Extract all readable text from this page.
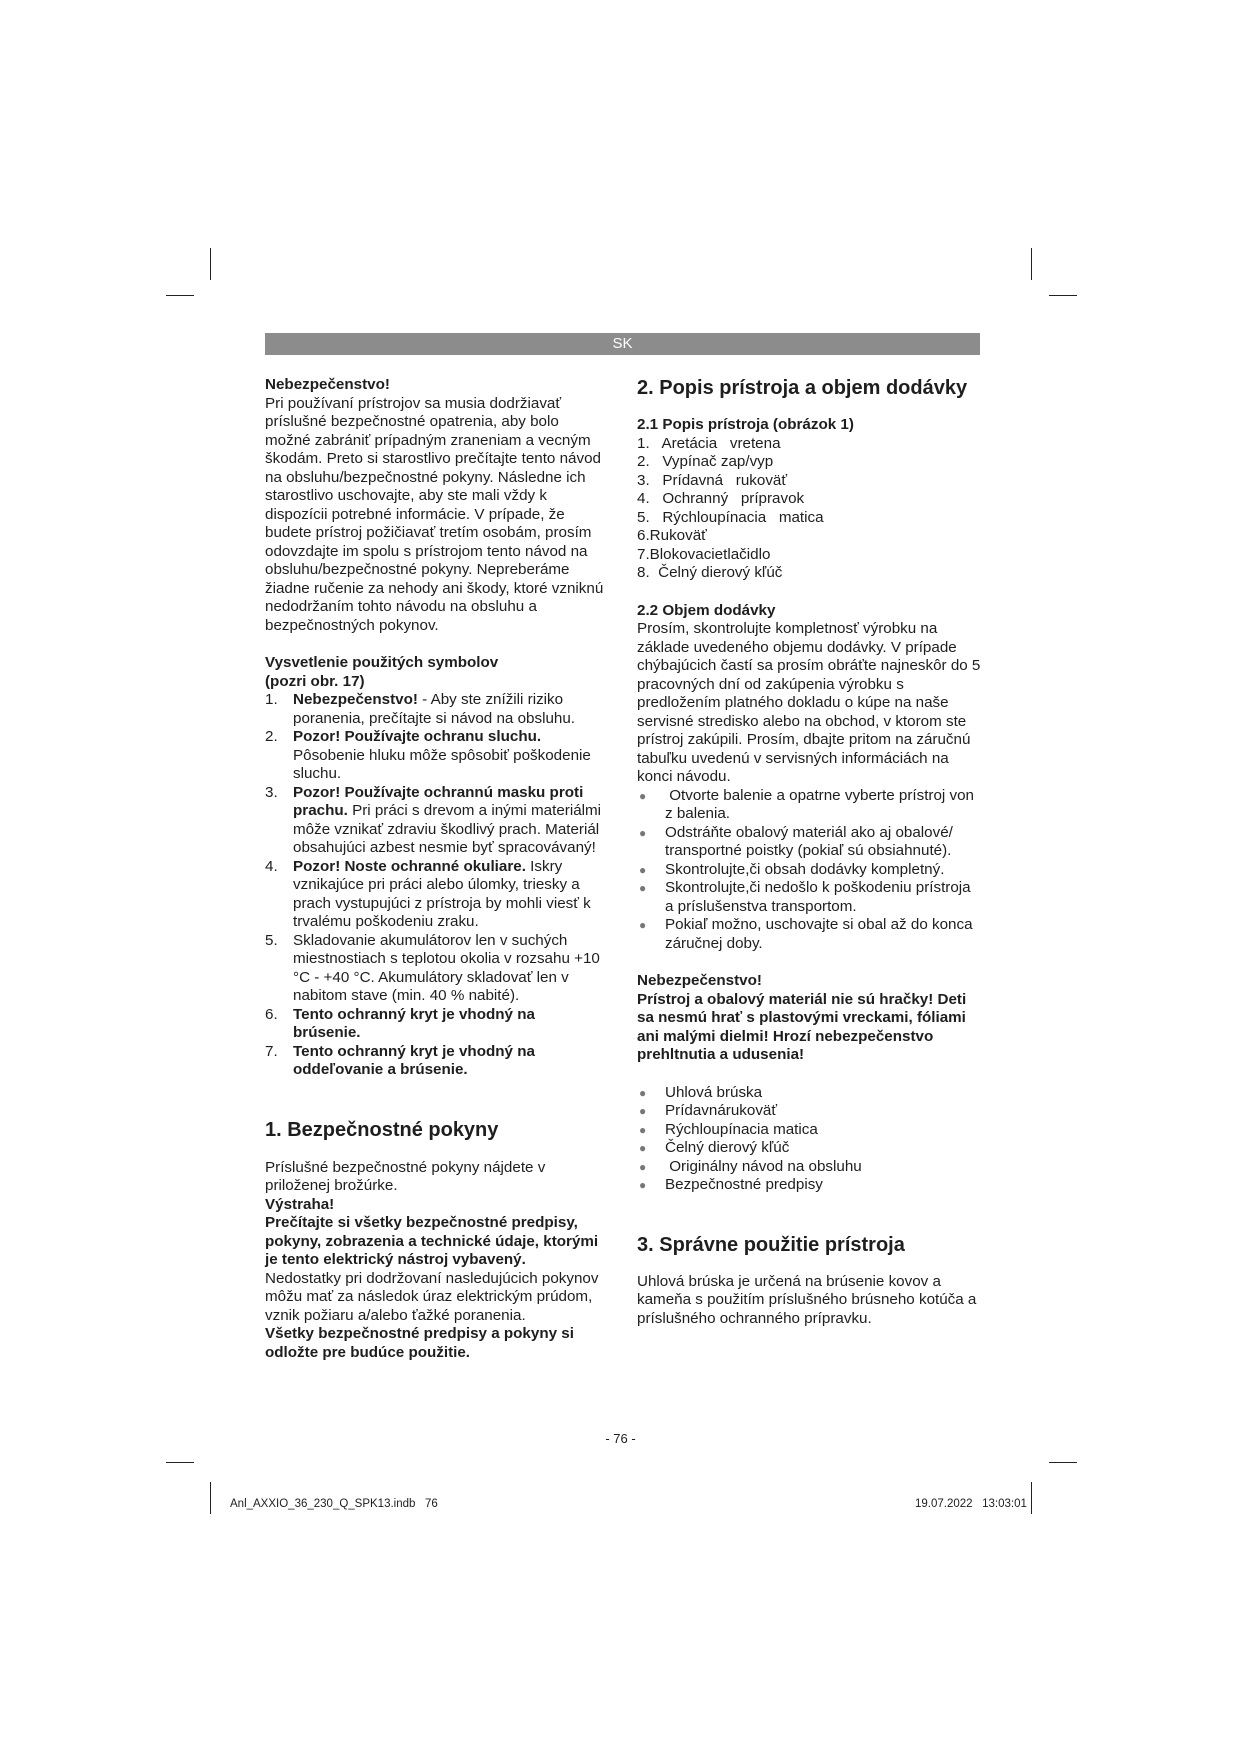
SK

Nebezpečenstvo!

Pri používaní prístrojov sa musia dodržiavať príslušné bezpečnostné opatrenia, aby bolo možné zabrániť prípadným zraneniam a vecným škodám. Preto si starostlivo prečítajte tento návod na obsluhu/bezpečnostné pokyny. Následne ich starostlivo uschovajte, aby ste mali vždy k dispozícii potrebné informácie. V prípade, že budete prístroj požičiavať tretím osobám, prosím odovzdajte im spolu s prístrojom tento návod na obsluhu/bezpečnostné pokyny. Nepreberáme žiadne ručenie za nehody ani škody, ktoré vzniknú nedodržaním tohto návodu na obsluhu a bezpečnostných pokynov.

Vysvetlenie použitých symbolov

(pozri obr. 17)

1. Nebezpečenstvo! - Aby ste znížili riziko poranenia, prečítajte si návod na obsluhu.
2. Pozor! Používajte ochranu sluchu. Pôsobenie hluku môže spôsobiť poškodenie sluchu.
3. Pozor! Používajte ochrannú masku proti prachu. Pri práci s drevom a inými materiálmi môže vznikať zdraviu škodlivý prach. Materiál obsahujúci azbest nesmie byť spracovávaný!
4. Pozor! Noste ochranné okuliare. Iskry vznikajúce pri práci alebo úlomky, triesky a prach vystupujúci z prístroja by mohli viesť k trvalému poškodeniu zraku.
5. Skladovanie akumulátorov len v suchých miestnostiach s teplotou okolia v rozsahu +10 °C - +40 °C. Akumulátory skladovať len v nabitom stave (min. 40 % nabité).
6. Tento ochranný kryt je vhodný na brúsenie.
7. Tento ochranný kryt je vhodný na oddeľovanie a brúsenie.

1. Bezpečnostné pokyny

Príslušné bezpečnostné pokyny nájdete v priloženej brožúrke.

Výstraha!

Prečítajte si všetky bezpečnostné predpisy, pokyny, zobrazenia a technické údaje, ktorými je tento elektrický nástroj vybavený.

Nedostatky pri dodržovaní nasledujúcich pokynov môžu mať za následok úraz elektrickým prúdom, vznik požiaru a/alebo ťažké poranenia.

Všetky bezpečnostné predpisy a pokyny si odložte pre budúce použitie.

2. Popis prístroja a objem dodávky

2.1 Popis prístroja (obrázok 1)

1.   Aretácia   vretena
2.   Vypínač zap/vyp
3.   Prídavná   rukoväť
4.   Ochranný   prípravok
5.   Rýchloupínacia   matica
6.Rukoväť
7.Blokovacietlačidlo
8.  Čelný dierový kľúč

2.2 Objem dodávky

Prosím, skontrolujte kompletnosť výrobku na základe uvedeného objemu dodávky. V prípade chýbajúcich častí sa prosím obráťte najneskôr do 5 pracovných dní od zakúpenia výrobku s predložením platného dokladu o kúpe na naše servisné stredisko alebo na obchod, v ktorom ste prístroj zakúpili. Prosím, dbajte pritom na záručnú tabuľku uvedenú v servisných informáciách na konci návodu.

● Otvorte balenie a opatrne vyberte prístroj von z balenia.
● Odstráňte obalový materiál ako aj obalové/ transportné poistky (pokiaľ sú obsiahnuté).
● Skontrolujte,či obsah dodávky kompletný.
● Skontrolujte,či nedošlo k poškodeniu prístroja a príslušenstva transportom.
● Pokiaľ možno, uschovajte si obal až do konca záručnej doby.

Nebezpečenstvo!

Prístroj a obalový materiál nie sú hračky! Deti sa nesmú hrať s plastovými vreckami, fóliami ani malými dielmi! Hrozí nebezpečenstvo prehltnutia a udusenia!

● Uhlová brúska
● Prídavnárukoväť
● Rýchloupínacia matica
● Čelný dierový kľúč
● Originálny návod na obsluhu
● Bezpečnostné predpisy

3. Správne použitie prístroja

Uhlová brúska je určená na brúsenie kovov a kameňa s použitím príslušného brúsneho kotúča a príslušného ochranného prípravku.

- 76 -
Anl_AXXIO_36_230_Q_SPK13.indb   76	19.07.2022   13:03:01
